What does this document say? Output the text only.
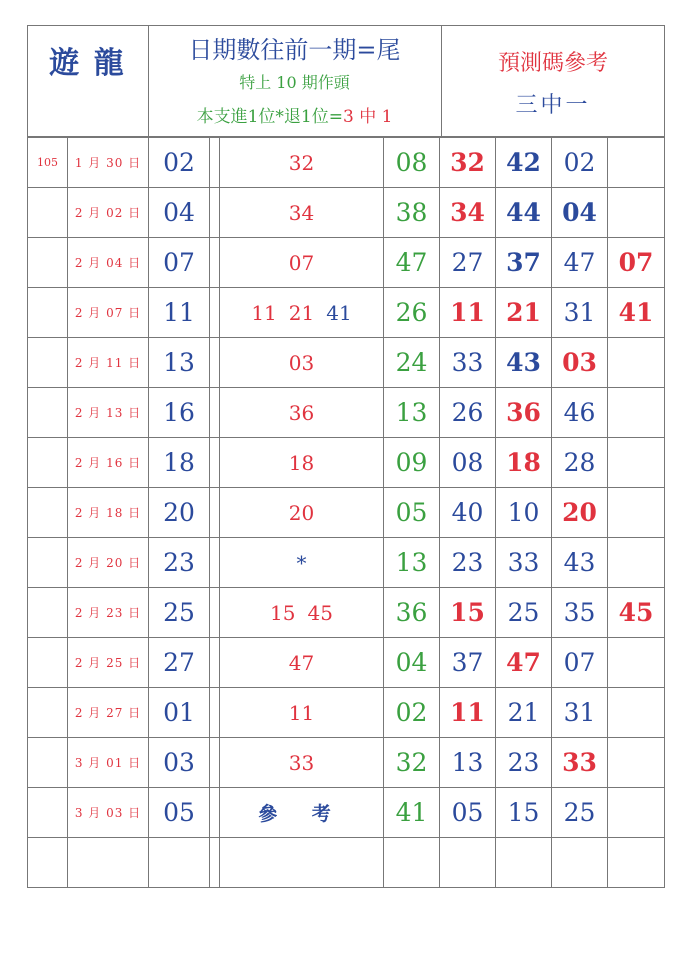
遊 龍	日期數往前一期=尾
特上 10 期作頭
本支進1位*退1位=3 中 1
預測碼參考
三中一
105	1 月 30 日	02		32	08	32	42	02	
	2 月 02 日	04		34	38	34	44	04	
	2 月 04 日	07		07	47	27	37	47	07
	2 月 07 日	11		11 21 41	26	11	21	31	41
	2 月 11 日	13		03	24	33	43	03	
	2 月 13 日	16		36	13	26	36	46	
	2 月 16 日	18		18	09	08	18	28	
	2 月 18 日	20		20	05	40	10	20	
	2 月 20 日	23		*	13	23	33	43	
	2 月 23 日	25		15 45	36	15	25	35	45
	2 月 25 日	27		47	04	37	47	07	
	2 月 27 日	01		11	02	11	21	31	
	3 月 01 日	03		33	32	13	23	33	
	3 月 03 日	05		參 考	41	05	15	25	
